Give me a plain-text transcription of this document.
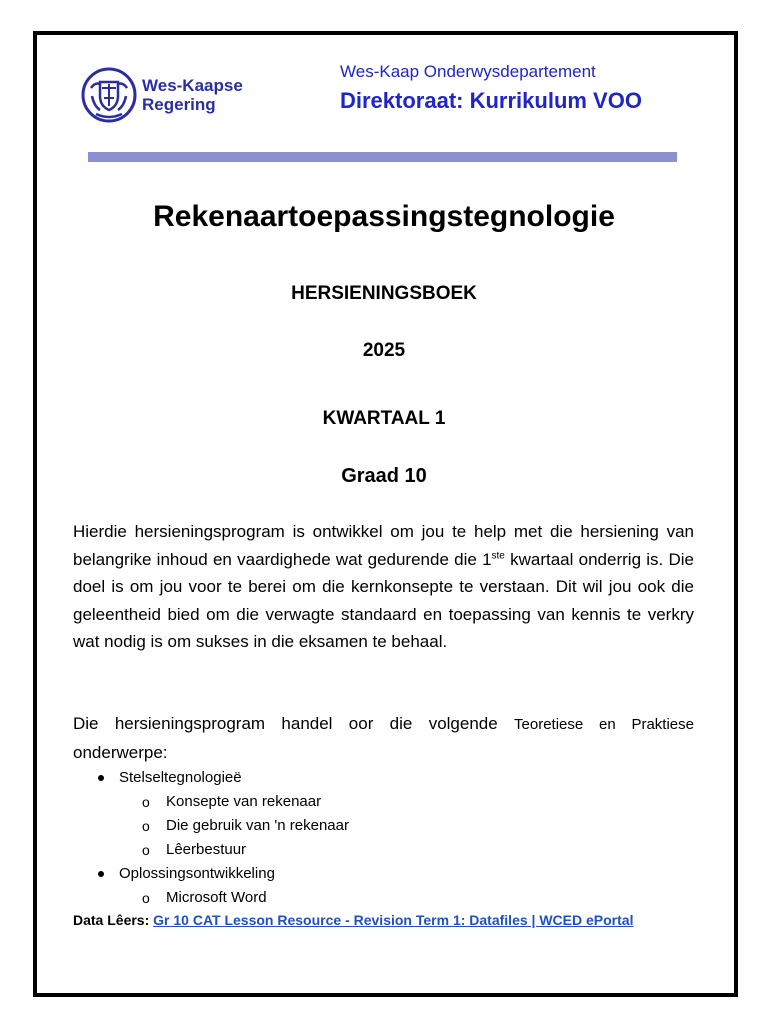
Wes-Kaapse
Regering
Wes-Kaap Onderwysdepartement
Direktoraat: Kurrikulum VOO
Rekenaartoepassingstegnologie
HERSIENINGSBOEK
2025
KWARTAAL 1
Graad 10
Hierdie hersieningsprogram is ontwikkel om jou te help met die hersiening van belangrike inhoud en vaardighede wat gedurende die 1ste kwartaal onderrig is. Die doel is om jou voor te berei om die kernkonsepte te verstaan. Dit wil jou ook die geleentheid bied om die verwagte standaard en toepassing van kennis te verkry wat nodig is om sukses in die eksamen te behaal.
Die hersieningsprogram handel oor die volgende Teoretiese en Praktiese onderwerpe:
Stelseltegnologieë
o Konsepte van rekenaar
o Die gebruik van 'n rekenaar
o Lêerbestuur
Oplossingsontwikkeling
o Microsoft Word
Data Lêers: Gr 10 CAT Lesson Resource - Revision Term 1: Datafiles | WCED ePortal
